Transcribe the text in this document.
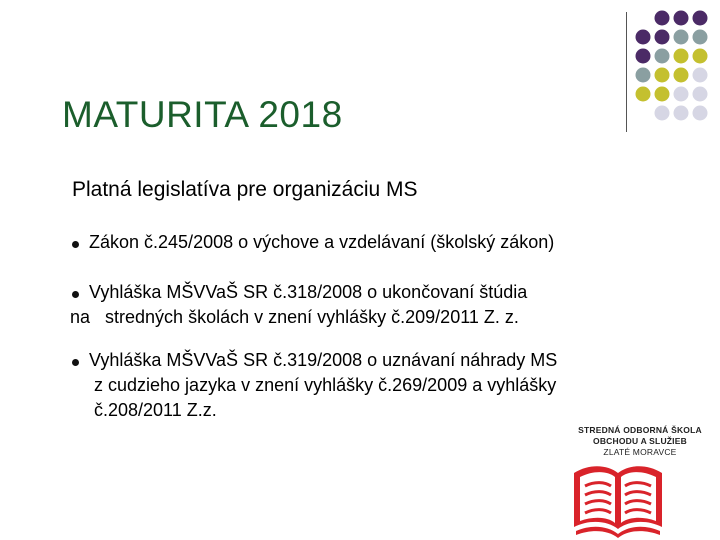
MATURITA 2018
Platná legislatíva pre organizáciu MS
Zákon č.245/2008 o výchove a vzdelávaní (školský zákon)
Vyhláška MŠVVaŠ SR č.318/2008 o ukončovaní štúdia
na   stredných školách v znení vyhlášky č.209/2011 Z. z.
Vyhláška MŠVVaŠ SR č.319/2008 o uznávaní náhrady MS
z cudzieho jazyka v znení vyhlášky č.269/2009 a vyhlášky
č.208/2011 Z.z.
STREDNÁ ODBORNÁ ŠKOLA
OBCHODU A SLUŽIEB
ZLATÉ MORAVCE
